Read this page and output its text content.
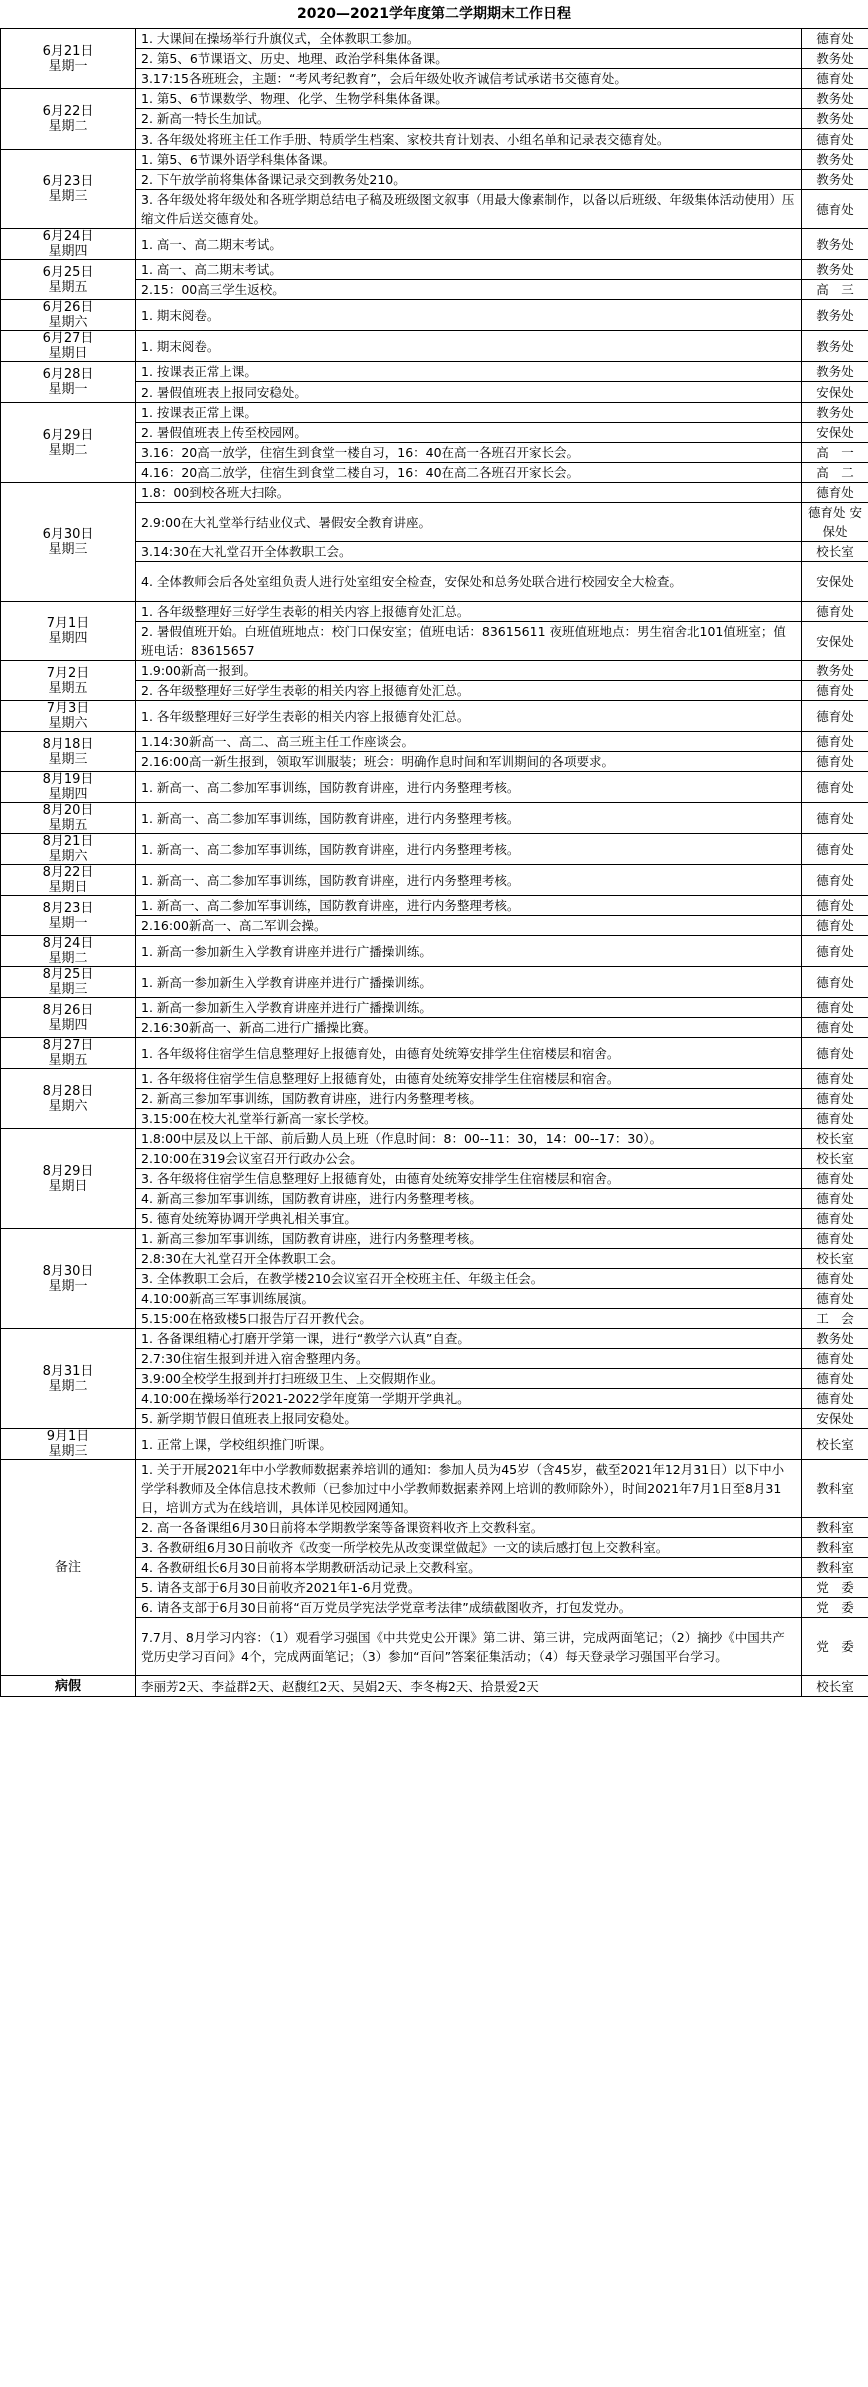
2020—2021学年度第二学期期末工作日程
6月21日
星期一	1. 大课间在操场举行升旗仪式，全体教职工参加。	德育处
	2. 第5、6节课语文、历史、地理、政治学科集体备课。	教务处
	3.17:15各班班会，主题：“考风考纪教育”，会后年级处收齐诚信考试承诺书交德育处。	德育处

6月22日
星期二	1. 第5、6节课数学、物理、化学、生物学科集体备课。	教务处
	2. 新高一特长生加试。	教务处
	3. 各年级处将班主任工作手册、特质学生档案、家校共育计划表、小组名单和记录表交德育处。	德育处

6月23日
星期三	1. 第5、6节课外语学科集体备课。	教务处
	2. 下午放学前将集体备课记录交到教务处210。	教务处
	3. 各年级处将年级处和各班学期总结电子稿及班级图文叙事（用最大像素制作，以备以后班级、年级集体活动使用）压缩文件后送交德育处。	德育处

6月24日
星期四	1. 高一、高二期末考试。	教务处

6月25日
星期五	1. 高一、高二期末考试。	教务处
	2.15：00高三学生返校。	高　三

6月26日
星期六	1. 期末阅卷。	教务处

6月27日
星期日	1. 期末阅卷。	教务处

6月28日
星期一	1. 按课表正常上课。	教务处
	2. 暑假值班表上报同安稳处。	安保处

6月29日
星期二	1. 按课表正常上课。	教务处
	2. 暑假值班表上传至校园网。	安保处
	3.16：20高一放学，住宿生到食堂一楼自习，16：40在高一各班召开家长会。	高　一
	4.16：20高二放学，住宿生到食堂二楼自习，16：40在高二各班召开家长会。	高　二

6月30日
星期三	1.8：00到校各班大扫除。	德育处
	2.9:00在大礼堂举行结业仪式、暑假安全教育讲座。	德育处 安保处
	3.14:30在大礼堂召开全体教职工会。	校长室
	4. 全体教师会后各处室组负责人进行处室组安全检查，安保处和总务处联合进行校园安全大检查。	安保处

7月1日
星期四	1. 各年级整理好三好学生表彰的相关内容上报德育处汇总。	德育处
	2. 暑假值班开始。白班值班地点：校门口保安室；值班电话：83615611 夜班值班地点：男生宿舍北101值班室；值班电话：83615657	安保处

7月2日
星期五	1.9:00新高一报到。	教务处
	2. 各年级整理好三好学生表彰的相关内容上报德育处汇总。	德育处

7月3日
星期六	1. 各年级整理好三好学生表彰的相关内容上报德育处汇总。	德育处

8月18日
星期三	1.14:30新高一、高二、高三班主任工作座谈会。	德育处
	2.16:00高一新生报到，领取军训服装；班会：明确作息时间和军训期间的各项要求。	德育处

8月19日
星期四	1. 新高一、高二参加军事训练，国防教育讲座，进行内务整理考核。	德育处

8月20日
星期五	1. 新高一、高二参加军事训练，国防教育讲座，进行内务整理考核。	德育处

8月21日
星期六	1. 新高一、高二参加军事训练，国防教育讲座，进行内务整理考核。	德育处

8月22日
星期日	1. 新高一、高二参加军事训练，国防教育讲座，进行内务整理考核。	德育处

8月23日
星期一	1. 新高一、高二参加军事训练，国防教育讲座，进行内务整理考核。	德育处
	2.16:00新高一、高二军训会操。	德育处

8月24日
星期二	1. 新高一参加新生入学教育讲座并进行广播操训练。	德育处

8月25日
星期三	1. 新高一参加新生入学教育讲座并进行广播操训练。	德育处

8月26日
星期四	1. 新高一参加新生入学教育讲座并进行广播操训练。	德育处
	2.16:30新高一、新高二进行广播操比赛。	德育处

8月27日
星期五	1. 各年级将住宿学生信息整理好上报德育处，由德育处统筹安排学生住宿楼层和宿舍。	德育处

8月28日
星期六	1. 各年级将住宿学生信息整理好上报德育处，由德育处统筹安排学生住宿楼层和宿舍。	德育处
	2. 新高三参加军事训练，国防教育讲座，进行内务整理考核。	德育处
	3.15:00在校大礼堂举行新高一家长学校。	德育处

8月29日
星期日	1.8:00中层及以上干部、前后勤人员上班（作息时间：8：00--11：30，14：00--17：30）。	校长室
	2.10:00在319会议室召开行政办公会。	校长室
	3. 各年级将住宿学生信息整理好上报德育处，由德育处统筹安排学生住宿楼层和宿舍。	德育处
	4. 新高三参加军事训练，国防教育讲座，进行内务整理考核。	德育处
	5. 德育处统筹协调开学典礼相关事宜。	德育处

8月30日
星期一	1. 新高三参加军事训练，国防教育讲座，进行内务整理考核。	德育处
	2.8:30在大礼堂召开全体教职工会。	校长室
	3. 全体教职工会后，在教学楼210会议室召开全校班主任、年级主任会。	德育处
	4.10:00新高三军事训练展演。	德育处
	5.15:00在格致楼5口报告厅召开教代会。	工　会

8月31日
星期二	1. 各备课组精心打磨开学第一课，进行“教学六认真”自查。	教务处
	2.7:30住宿生报到并进入宿舍整理内务。	德育处
	3.9:00全校学生报到并打扫班级卫生、上交假期作业。	德育处
	4.10:00在操场举行2021-2022学年度第一学期开学典礼。	德育处
	5. 新学期节假日值班表上报同安稳处。	安保处

9月1日
星期三	1. 正常上课，学校组织推门听课。	校长室
备注	1. 关于开展2021年中小学教师数据素养培训的通知：参加人员为45岁（含45岁，截至2021年12月31日）以下中小学学科教师及全体信息技术教师（已参加过中小学教师数据素养网上培训的教师除外），时间2021年7月1日至8月31日，培训方式为在线培训，具体详见校园网通知。	教科室
	2. 高一各备课组6月30日前将本学期教学案等备课资料收齐上交教科室。	教科室
	3. 各教研组6月30日前收齐《改变一所学校先从改变课堂做起》一文的读后感打包上交教科室。	教科室
	4. 各教研组长6月30日前将本学期教研活动记录上交教科室。	教科室
	5. 请各支部于6月30日前收齐2021年1-6月党费。	党　委
	6. 请各支部于6月30日前将“百万党员学宪法学党章考法律”成绩截图收齐，打包发党办。	党　委
	7.7月、8月学习内容：（1）观看学习强国《中共党史公开课》第二讲、第三讲，完成两面笔记；（2）摘抄《中国共产党历史学习百问》4个，完成两面笔记；（3）参加“百问”答案征集活动；（4）每天登录学习强国平台学习。	党　委
病假	李丽芳2天、李益群2天、赵馥红2天、吴娟2天、李冬梅2天、拾景爱2天	校长室
